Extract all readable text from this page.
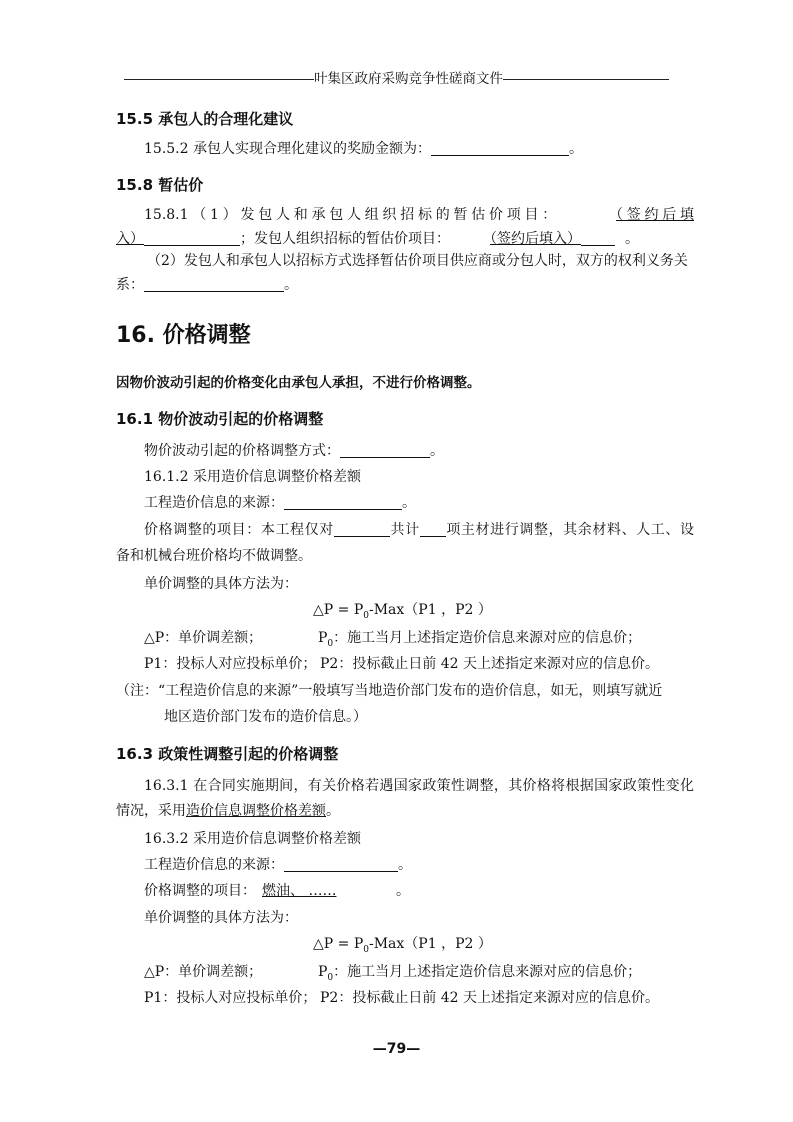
叶集区政府采购竞争性磋商文件
15.5 承包人的合理化建议
15.5.2 承包人实现合理化建议的奖励金额为：	。
15.8 暂估价
15.8.1（1）发包人和承包人组织招标的暂估价项目：	（签约后填
入）	；发包人组织招标的暂估价项目：	（签约后填入）	。
（2）发包人和承包人以招标方式选择暂估价项目供应商或分包人时，双方的权利义务关
系：	。
16. 价格调整
因物价波动引起的价格变化由承包人承担，不进行价格调整。
16.1 物价波动引起的价格调整
物价波动引起的价格调整方式：	。
16.1.2 采用造价信息调整价格差额
工程造价信息的来源：	。
价格调整的项目：本工程仅对	共计 项主材进行调整，其余材料、人工、设
备和机械台班价格均不做调整。
单价调整的具体方法为：
△P = $P_0-Max(P1$ ，P2 ）
△P：单价调差额；	$P_0$：施工当月上述指定造价信息来源对应的信息价；
P1：投标人对应投标单价； P2：投标截止日前 42 天上述指定来源对应的信息价。
（注：“工程造价信息的来源”一般填写当地造价部门发布的造价信息，如无，则填写就近
地区造价部门发布的造价信息。）
16.3 政策性调整引起的价格调整
16.3.1 在合同实施期间，有关价格若遇国家政策性调整，其价格将根据国家政策性变化
情况，采用造价信息调整价格差额。
16.3.2 采用造价信息调整价格差额
工程造价信息的来源：	。
价格调整的项目： 燃油、 ……	。
单价调整的具体方法为：
△P = $P_0-Max(P1$ ，P2 ）
△P：单价调差额；	$P_0$：施工当月上述指定造价信息来源对应的信息价；
P1：投标人对应投标单价； P2：投标截止日前 42 天上述指定来源对应的信息价。
—79—
